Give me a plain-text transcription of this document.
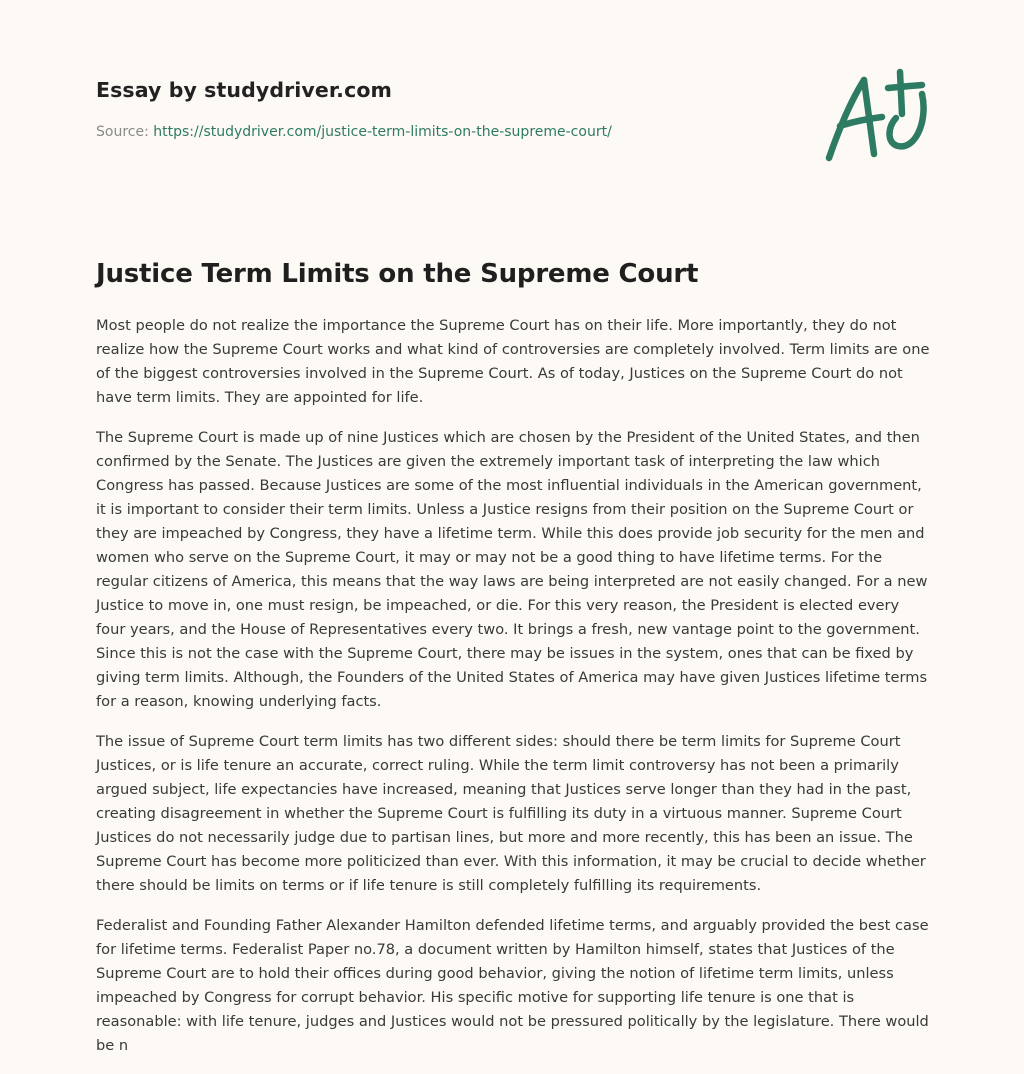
Essay by studydriver.com
Source: https://studydriver.com/justice-term-limits-on-the-supreme-court/
Justice Term Limits on the Supreme Court

Most people do not realize the importance the Supreme Court has on their life. More importantly, they do not realize how the Supreme Court works and what kind of controversies are completely involved. Term limits are one of the biggest controversies involved in the Supreme Court. As of today, Justices on the Supreme Court do not have term limits. They are appointed for life.

The Supreme Court is made up of nine Justices which are chosen by the President of the United States, and then confirmed by the Senate. The Justices are given the extremely important task of interpreting the law which Congress has passed. Because Justices are some of the most influential individuals in the American government, it is important to consider their term limits. Unless a Justice resigns from their position on the Supreme Court or they are impeached by Congress, they have a lifetime term. While this does provide job security for the men and women who serve on the Supreme Court, it may or may not be a good thing to have lifetime terms. For the regular citizens of America, this means that the way laws are being interpreted are not easily changed. For a new Justice to move in, one must resign, be impeached, or die. For this very reason, the President is elected every four years, and the House of Representatives every two. It brings a fresh, new vantage point to the government. Since this is not the case with the Supreme Court, there may be issues in the system, ones that can be fixed by giving term limits. Although, the Founders of the United States of America may have given Justices lifetime terms for a reason, knowing underlying facts.

The issue of Supreme Court term limits has two different sides: should there be term limits for Supreme Court Justices, or is life tenure an accurate, correct ruling. While the term limit controversy has not been a primarily argued subject, life expectancies have increased, meaning that Justices serve longer than they had in the past, creating disagreement in whether the Supreme Court is fulfilling its duty in a virtuous manner. Supreme Court Justices do not necessarily judge due to partisan lines, but more and more recently, this has been an issue. The Supreme Court has become more politicized than ever. With this information, it may be crucial to decide whether there should be limits on terms or if life tenure is still completely fulfilling its requirements.

Federalist and Founding Father Alexander Hamilton defended lifetime terms, and arguably provided the best case for lifetime terms. Federalist Paper no.78, a document written by Hamilton himself, states that Justices of the Supreme Court are to hold their offices during good behavior, giving the notion of lifetime term limits, unless impeached by Congress for corrupt behavior. His specific motive for supporting life tenure is one that is reasonable: with life tenure, judges and Justices would not be pressured politically by the legislature. There would be n
